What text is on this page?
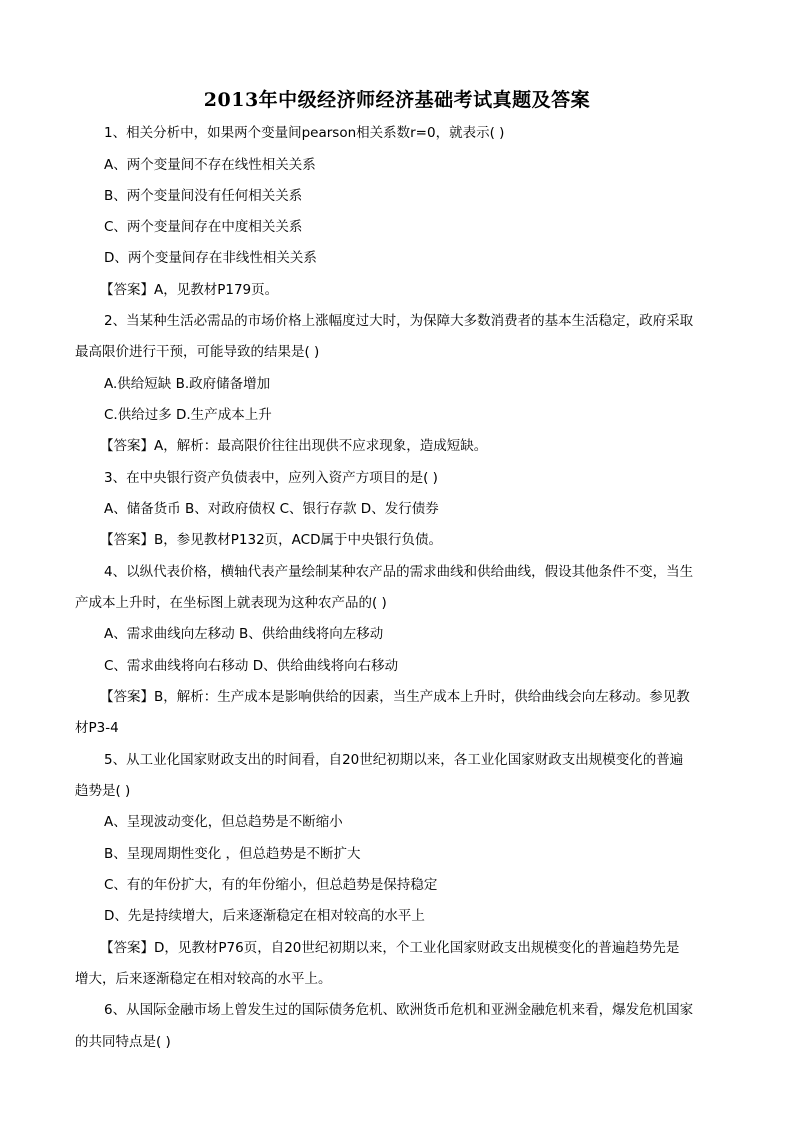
2013年中级经济师经济基础考试真题及答案
1、相关分析中，如果两个变量间pearson相关系数r=0，就表示( )
A、两个变量间不存在线性相关关系
B、两个变量间没有任何相关关系
C、两个变量间存在中度相关关系
D、两个变量间存在非线性相关关系
【答案】A，见教材P179页。
2、当某种生活必需品的市场价格上涨幅度过大时，为保障大多数消费者的基本生活稳定，政府采取
最高限价进行干预，可能导致的结果是( )
A.供给短缺 B.政府储备增加
C.供给过多 D.生产成本上升
【答案】A，解析：最高限价往往出现供不应求现象，造成短缺。
3、在中央银行资产负债表中，应列入资产方项目的是( )
A、储备货币 B、对政府债权 C、银行存款 D、发行债券
【答案】B，参见教材P132页，ACD属于中央银行负债。
4、以纵代表价格，横轴代表产量绘制某种农产品的需求曲线和供给曲线，假设其他条件不变，当生
产成本上升时，在坐标图上就表现为这种农产品的( )
A、需求曲线向左移动 B、供给曲线将向左移动
C、需求曲线将向右移动 D、供给曲线将向右移动
【答案】B，解析：生产成本是影响供给的因素，当生产成本上升时，供给曲线会向左移动。参见教
材P3-4
5、从工业化国家财政支出的时间看，自20世纪初期以来，各工业化国家财政支出规模变化的普遍
趋势是( )
A、呈现波动变化，但总趋势是不断缩小
B、呈现周期性变化 ，但总趋势是不断扩大
C、有的年份扩大，有的年份缩小，但总趋势是保持稳定
D、先是持续增大，后来逐渐稳定在相对较高的水平上
【答案】D，见教材P76页，自20世纪初期以来，个工业化国家财政支出规模变化的普遍趋势先是
增大，后来逐渐稳定在相对较高的水平上。
6、从国际金融市场上曾发生过的国际债务危机、欧洲货币危机和亚洲金融危机来看，爆发危机国家
的共同特点是( )
